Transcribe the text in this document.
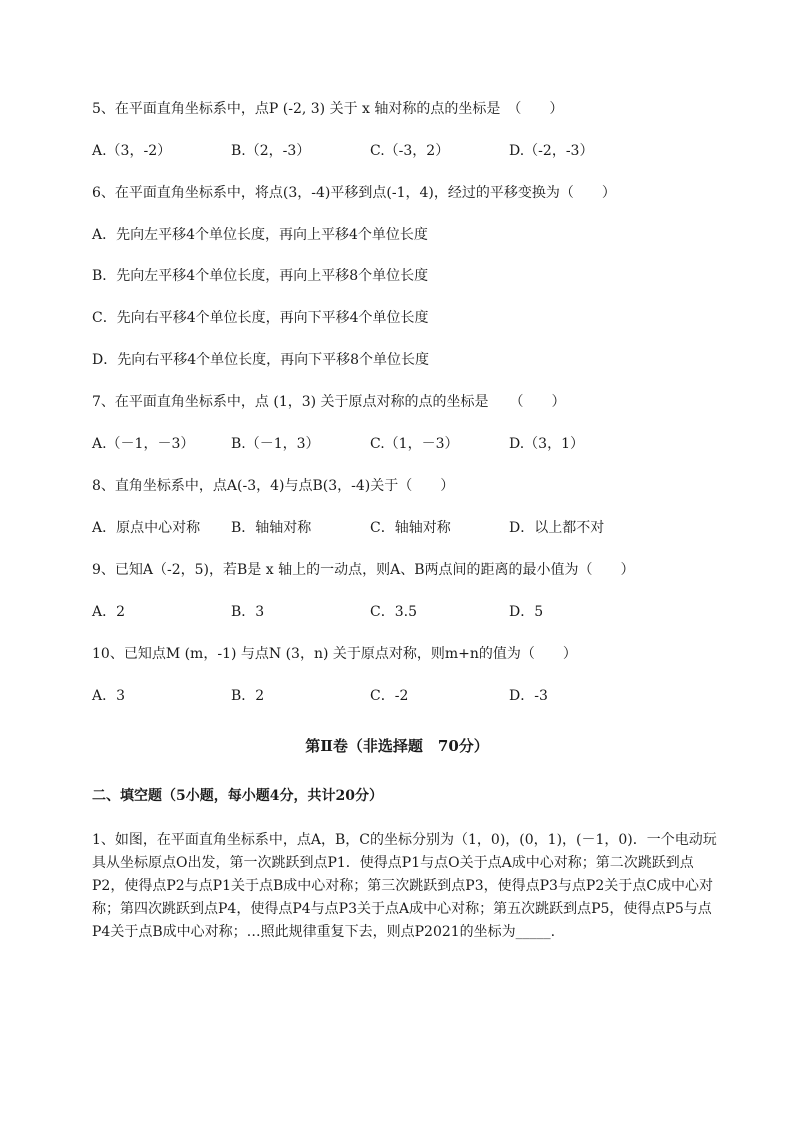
5、在平面直角坐标系中，点P (-2, 3) 关于 x 轴对称的点的坐标是　（　　）
A.（3，-2）	B.（2，-3）	C.（-3，2）	D.（-2，-3）
6、在平面直角坐标系中，将点(3，-4)平移到点(-1，4)，经过的平移变换为（　　）
A．先向左平移4个单位长度，再向上平移4个单位长度
B．先向左平移4个单位长度，再向上平移8个单位长度
C．先向右平移4个单位长度，再向下平移4个单位长度
D．先向右平移4个单位长度，再向下平移8个单位长度
7、在平面直角坐标系中，点 (1，3) 关于原点对称的点的坐标是　　（　　）
A.（－1，－3）	B.（－1，3）	C.（1，－3）	D.（3，1）
8、直角坐标系中，点A(-3，4)与点B(3，-4)关于（　　）
A．原点中心对称 B．轴轴对称	C．轴轴对称	D．以上都不对
9、已知A（-2，5)，若B是 x 轴上的一动点，则A、B两点间的距离的最小值为（　　）
A．2	B．3	C．3.5	D．5
10、已知点M (m，-1) 与点N (3，n) 关于原点对称，则m+n的值为（　　）
A．3	B．2	C．-2	D．-3
第Ⅱ卷（非选择题　70分）
二、填空题（5小题，每小题4分，共计20分）

1、如图，在平面直角坐标系中，点A，B，C的坐标分别为（1，0)，(0，1)，(－1，0)．一个电动玩

具从坐标原点O出发，第一次跳跃到点P1．使得点P1与点O关于点A成中心对称；第二次跳跃到点

P2，使得点P2与点P1关于点B成中心对称；第三次跳跃到点P3，使得点P3与点P2关于点C成中心对

称；第四次跳跃到点P4，使得点P4与点P3关于点A成中心对称；第五次跳跃到点P5，使得点P5与点

P4关于点B成中心对称；…照此规律重复下去，则点P2021的坐标为_____.
